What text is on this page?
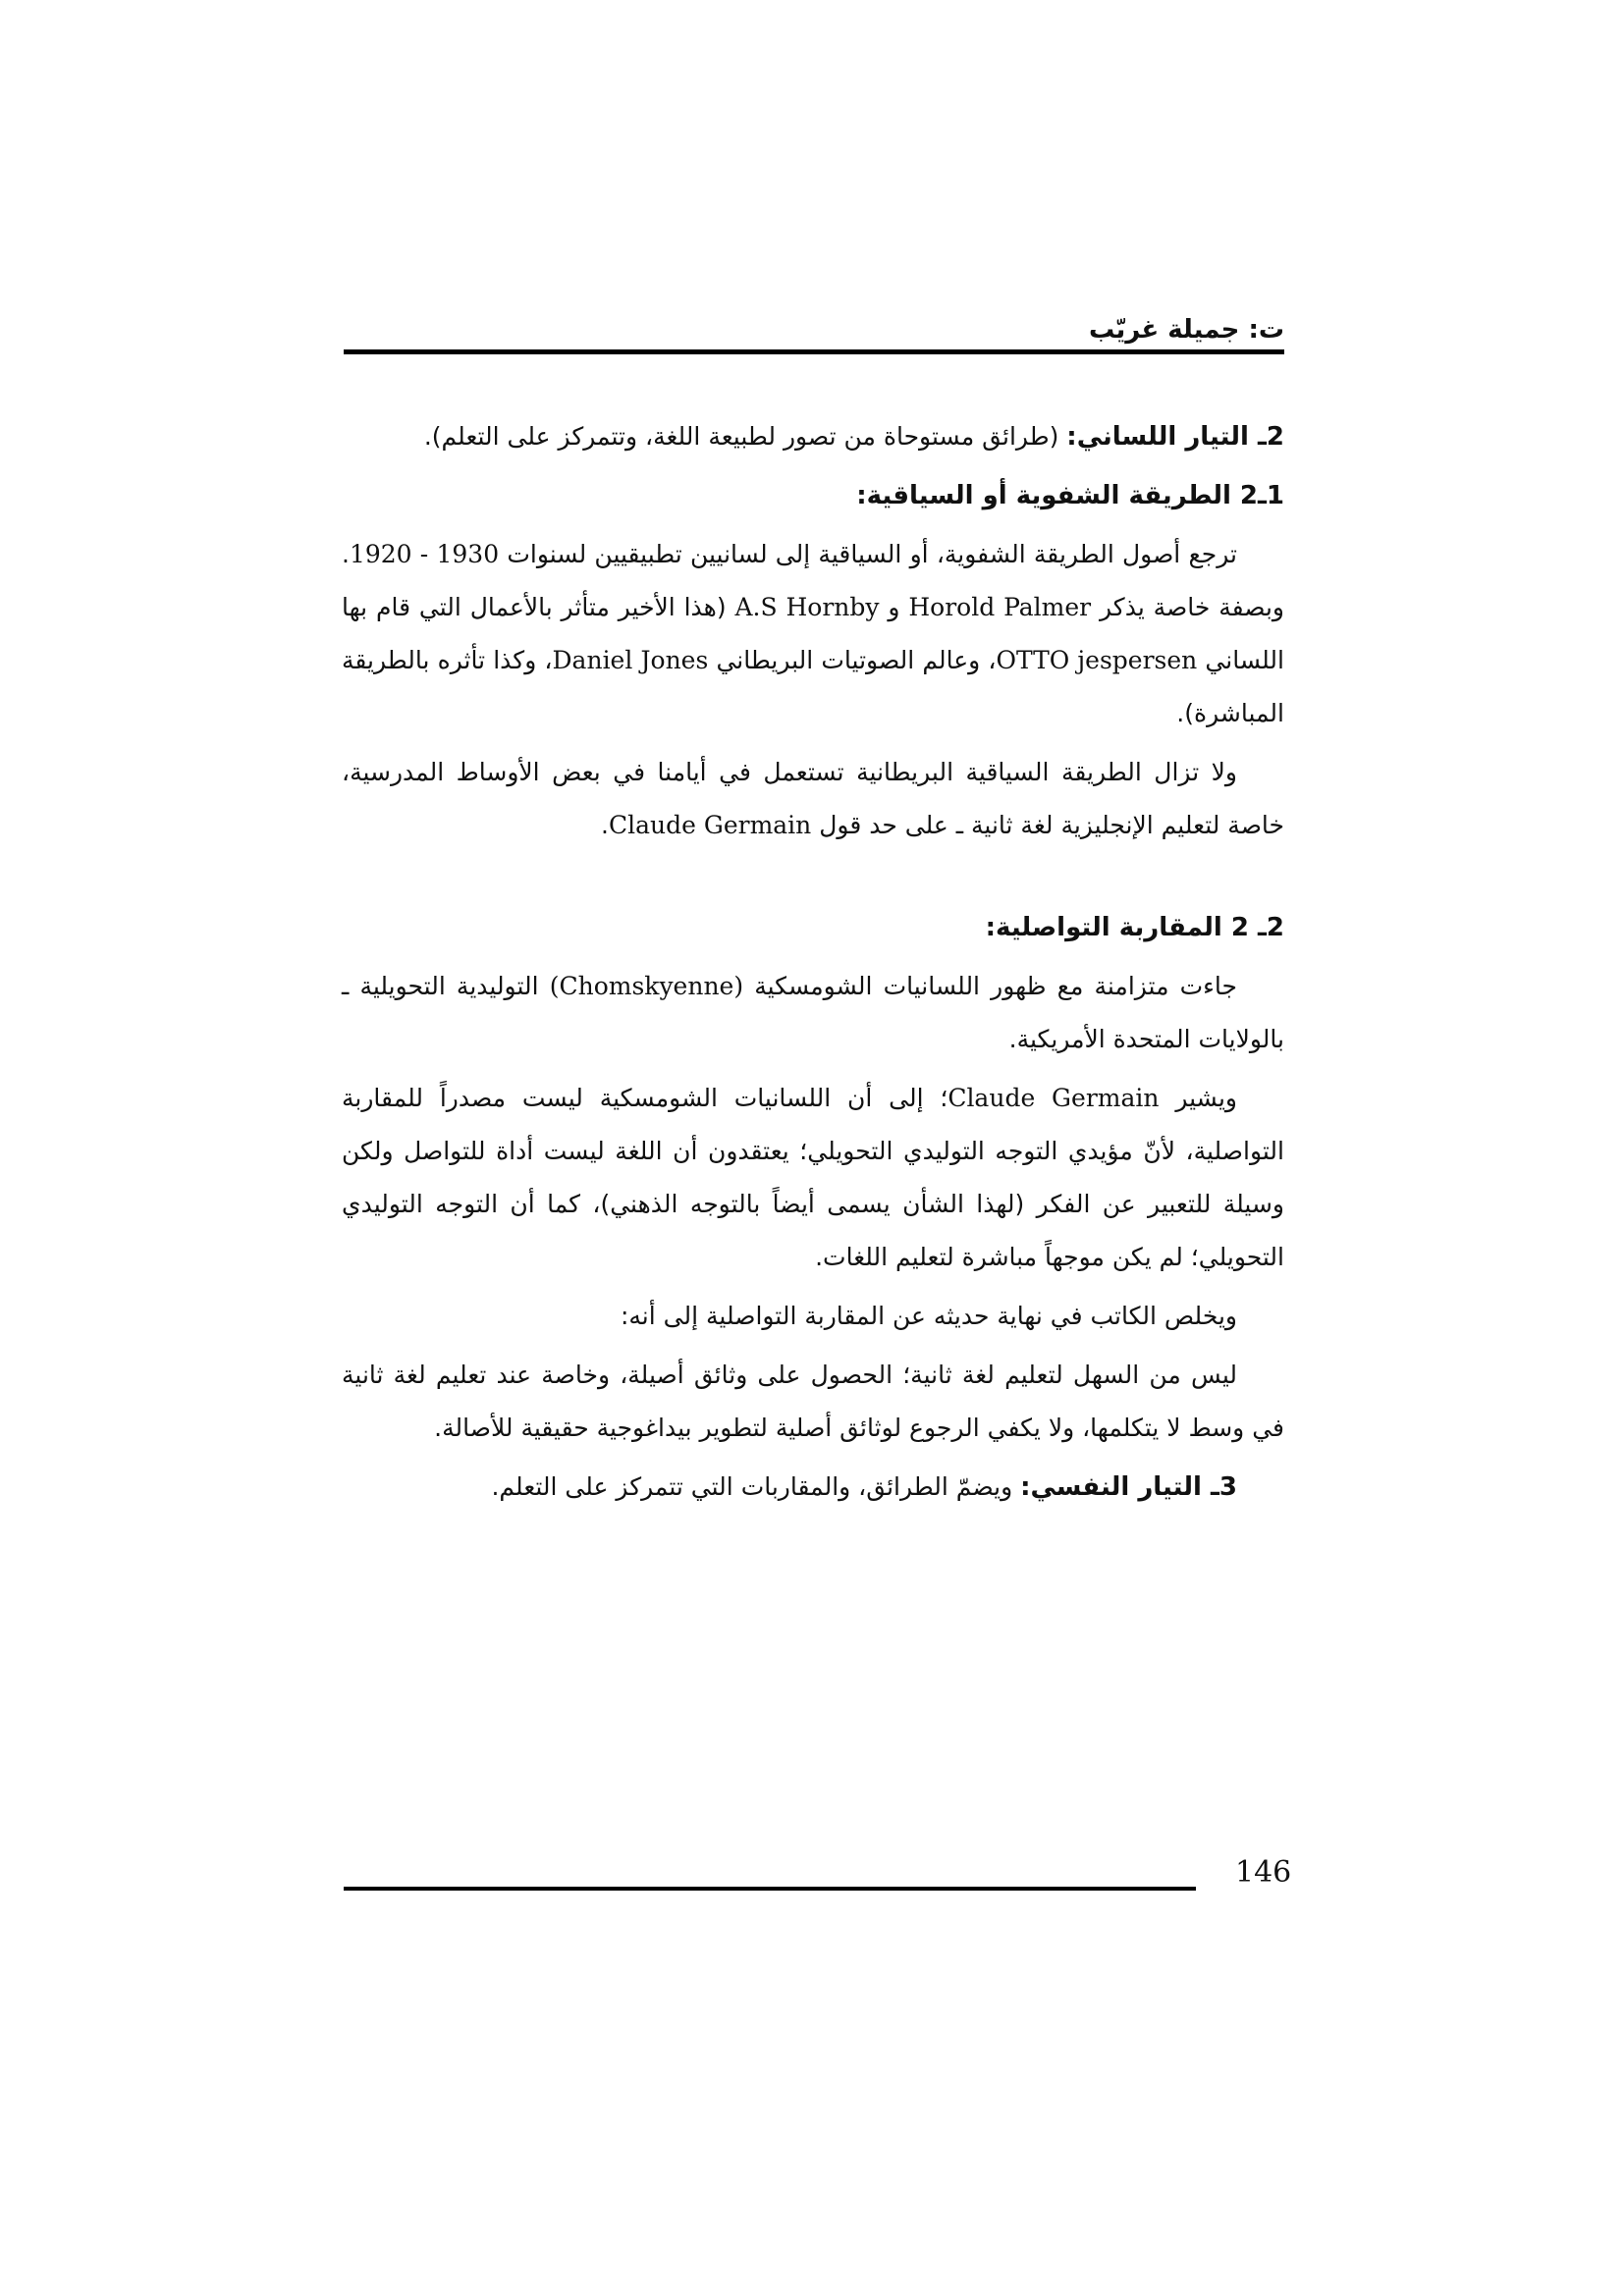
ت: جميلة غريّب

2ـ التيار اللساني: (طرائق مستوحاة من تصور لطبيعة اللغة، وتتمركز على التعلم).

1ـ2 الطريقة الشفوية أو السياقية:

ترجع أصول الطريقة الشفوية، أو السياقية إلى لسانيين تطبيقيين لسنوات 1920 - 1930. وبصفة خاصة يذكر Horold Palmer و A.S Hornby (هذا الأخير متأثر بالأعمال التي قام بها اللساني OTTO jespersen، وعالم الصوتيات البريطاني Daniel Jones، وكذا تأثره بالطريقة المباشرة).

ولا تزال الطريقة السياقية البريطانية تستعمل في أيامنا في بعض الأوساط المدرسية، خاصة لتعليم الإنجليزية لغة ثانية ـ على حد قول Claude Germain.

2ـ 2 المقاربة التواصلية:

جاءت متزامنة مع ظهور اللسانيات الشومسكية (Chomskyenne) التوليدية التحويلية ـ بالولايات المتحدة الأمريكية.

ويشير Claude Germain؛ إلى أن اللسانيات الشومسكية ليست مصدراً للمقاربة التواصلية، لأنّ مؤيدي التوجه التوليدي التحويلي؛ يعتقدون أن اللغة ليست أداة للتواصل ولكن وسيلة للتعبير عن الفكر (لهذا الشأن يسمى أيضاً بالتوجه الذهني)، كما أن التوجه التوليدي التحويلي؛ لم يكن موجهاً مباشرة لتعليم اللغات.

ويخلص الكاتب في نهاية حديثه عن المقاربة التواصلية إلى أنه:

ليس من السهل لتعليم لغة ثانية؛ الحصول على وثائق أصيلة، وخاصة عند تعليم لغة ثانية في وسط لا يتكلمها، ولا يكفي الرجوع لوثائق أصلية لتطوير بيداغوجية حقيقية للأصالة.

3ـ التيار النفسي: ويضمّ الطرائق، والمقاربات التي تتمركز على التعلم.

146
